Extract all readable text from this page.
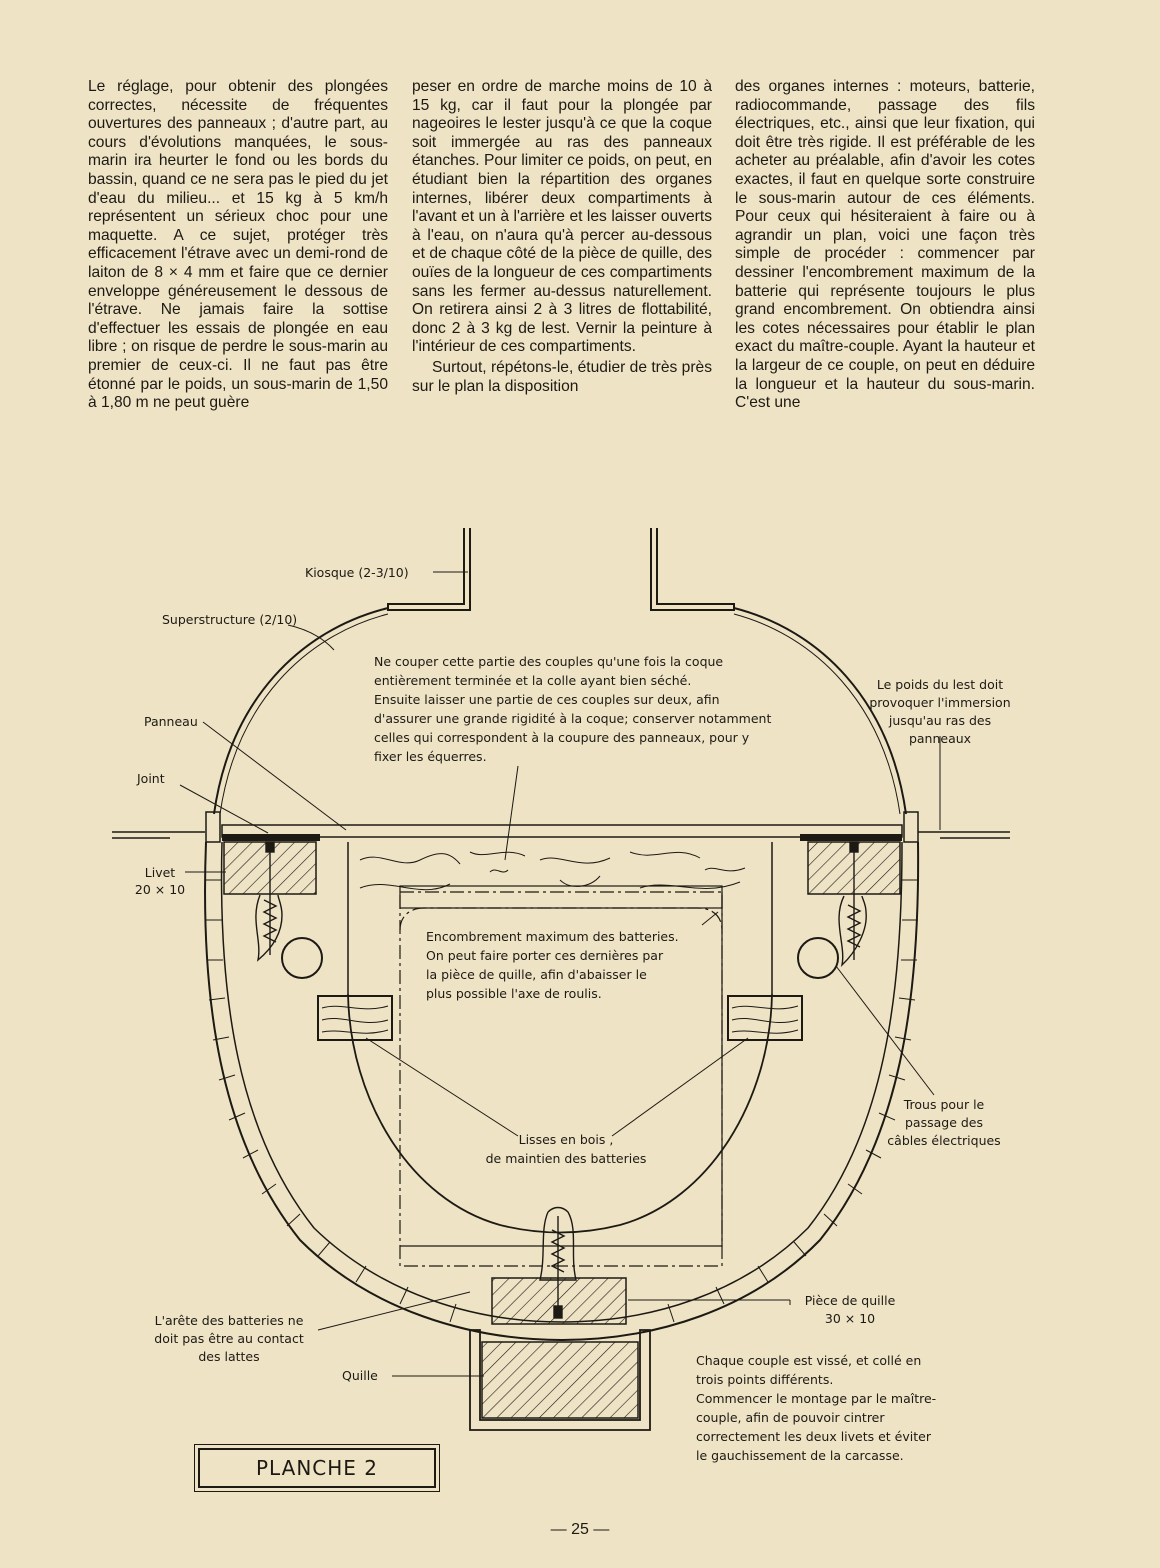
Le réglage, pour obtenir des plongées correctes, nécessite de fréquentes ouvertures des panneaux ; d'autre part, au cours d'évolutions manquées, le sous-marin ira heurter le fond ou les bords du bassin, quand ce ne sera pas le pied du jet d'eau du milieu... et 15 kg à 5 km/h représentent un sérieux choc pour une maquette. A ce sujet, protéger très efficacement l'étrave avec un demi-rond de laiton de 8 × 4 mm et faire que ce dernier enveloppe généreusement le dessous de l'étrave. Ne jamais faire la sottise d'effectuer les essais de plongée en eau libre ; on risque de perdre le sous-marin au premier de ceux-ci. Il ne faut pas être étonné par le poids, un sous-marin de 1,50 à 1,80 m ne peut guère

peser en ordre de marche moins de 10 à 15 kg, car il faut pour la plongée par nageoires le lester jusqu'à ce que la coque soit immergée au ras des panneaux étanches. Pour limiter ce poids, on peut, en étudiant bien la répartition des organes internes, libérer deux compartiments à l'avant et un à l'arrière et les laisser ouverts à l'eau, on n'aura qu'à percer au-dessous et de chaque côté de la pièce de quille, des ouïes de la longueur de ces compartiments sans les fermer au-dessus naturellement. On retirera ainsi 2 à 3 litres de flottabilité, donc 2 à 3 kg de lest. Vernir la peinture à l'intérieur de ces compartiments.

Surtout, répétons-le, étudier de très près sur le plan la disposition

des organes internes : moteurs, batterie, radiocommande, passage des fils électriques, etc., ainsi que leur fixation, qui doit être très rigide. Il est préférable de les acheter au préalable, afin d'avoir les cotes exactes, il faut en quelque sorte construire le sous-marin autour de ces éléments. Pour ceux qui hésiteraient à faire ou à agrandir un plan, voici une façon très simple de procéder : commencer par dessiner l'encombrement maximum de la batterie qui représente toujours le plus grand encombrement. On obtiendra ainsi les cotes nécessaires pour établir le plan exact du maître-couple. Ayant la hauteur et la largeur de ce couple, on peut en déduire la longueur et la hauteur du sous-marin. C'est une

Kiosque (2-3/10)
Superstructure (2/10)
Ne couper cette partie des couples qu'une fois la coque
entièrement terminée et la colle ayant bien séché.
Ensuite laisser une partie de ces couples sur deux, afin
d'assurer une grande rigidité à la coque; conserver notamment
celles qui correspondent à la coupure des panneaux, pour y
fixer les équerres.
Le poids du lest doit
provoquer l'immersion
jusqu'au ras des
panneaux
Panneau
Joint
Livet
20 × 10
Encombrement maximum des batteries.
On peut faire porter ces dernières par
la pièce de quille, afin d'abaisser le
plus possible l'axe de roulis.
Trous pour le
passage des
câbles électriques
Lisses en bois ,
de maintien des batteries
Pièce de quille
30 × 10
L'arête des batteries ne
doit pas être au contact
des lattes
Quille
Chaque couple est vissé, et collé en
trois points différents.
Commencer le montage par le maître-
couple, afin de pouvoir cintrer
correctement les deux livets et éviter
le gauchissement de la carcasse.
PLANCHE 2
— 25 —
